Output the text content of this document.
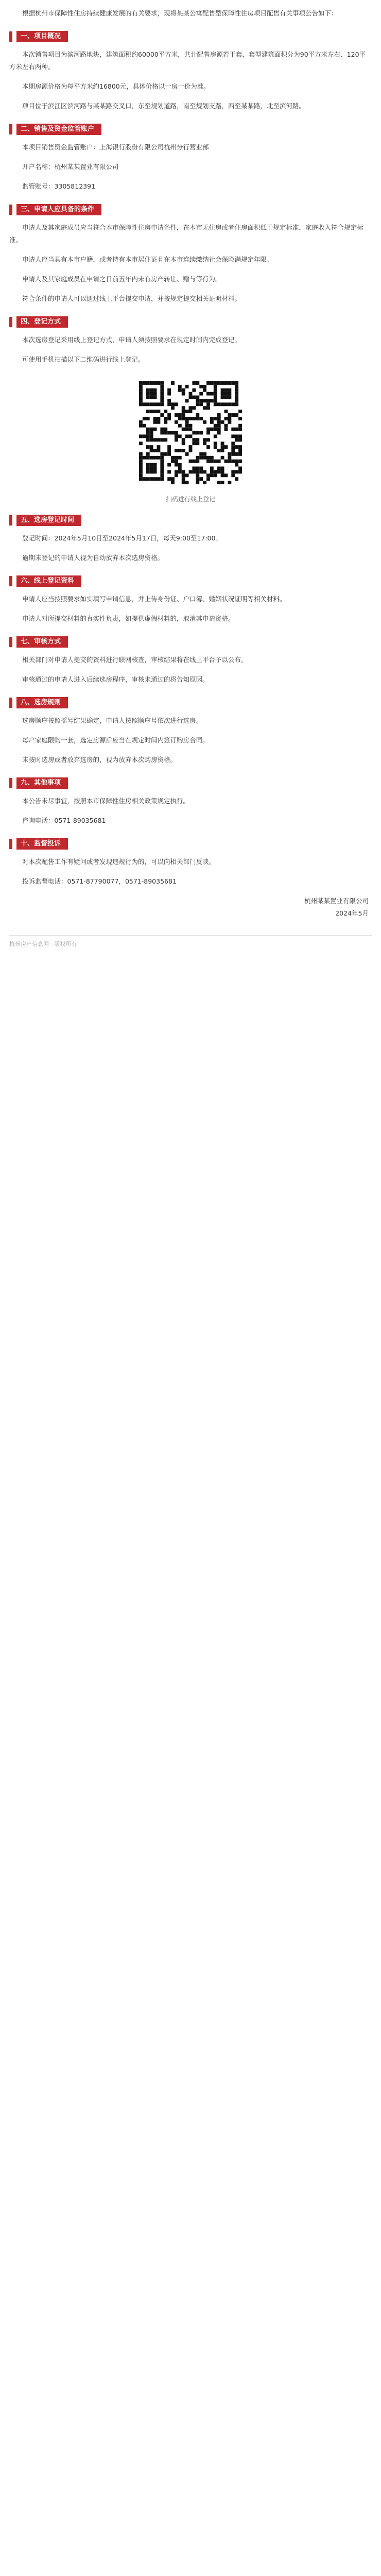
根据杭州市保障性住房持续健康发展的有关要求，现将某某公寓配售型保障性住房项目配售有关事项公告如下：

一、项目概况

本次销售项目为滨河路地块，建筑面积约60000平方米，共计配售房源若干套，套型建筑面积分为90平方米左右、120平方米左右两种。

本期房源价格为每平方米约16800元，具体价格以一房一价为准。

项目位于滨江区滨河路与某某路交叉口，东至规划道路，南至规划支路，西至某某路，北至滨河路。

二、销售及资金监管账户

本项目销售资金监管账户：上海银行股份有限公司杭州分行营业部

开户名称：杭州某某置业有限公司

监管账号：3305812391

三、申请人应具备的条件

申请人及其家庭成员应当符合本市保障性住房申请条件，在本市无住房或者住房面积低于规定标准，家庭收入符合规定标准。

申请人应当具有本市户籍，或者持有本市居住证且在本市连续缴纳社会保险满规定年限。

申请人及其家庭成员在申请之日前五年内未有房产转让、赠与等行为。

符合条件的申请人可以通过线上平台提交申请，并按规定提交相关证明材料。

四、登记方式

本次选房登记采用线上登记方式，申请人须按照要求在规定时间内完成登记。

可使用手机扫描以下二维码进行线上登记。

扫码进行线上登记
五、选房登记时间

登记时间：2024年5月10日至2024年5月17日，每天9:00至17:00。

逾期未登记的申请人视为自动放弃本次选房资格。

六、线上登记资料

申请人应当按照要求如实填写申请信息，并上传身份证、户口簿、婚姻状况证明等相关材料。

申请人对所提交材料的真实性负责，如提供虚假材料的，取消其申请资格。

七、审核方式

相关部门对申请人提交的资料进行联网核查，审核结果将在线上平台予以公布。

审核通过的申请人进入后续选房程序，审核未通过的将告知原因。

八、选房规则

选房顺序按照摇号结果确定，申请人按照顺序号依次进行选房。

每户家庭限购一套，选定房源后应当在规定时间内签订购房合同。

未按时选房或者放弃选房的，视为放弃本次购房资格。

九、其他事项

本公告未尽事宜，按照本市保障性住房相关政策规定执行。

咨询电话：0571-89035681

十、监督投诉

对本次配售工作有疑问或者发现违规行为的，可以向相关部门反映。

投诉监督电话：0571-87790077，0571-89035681

杭州某某置业有限公司
2024年5月
杭州房产信息网 · 版权所有
